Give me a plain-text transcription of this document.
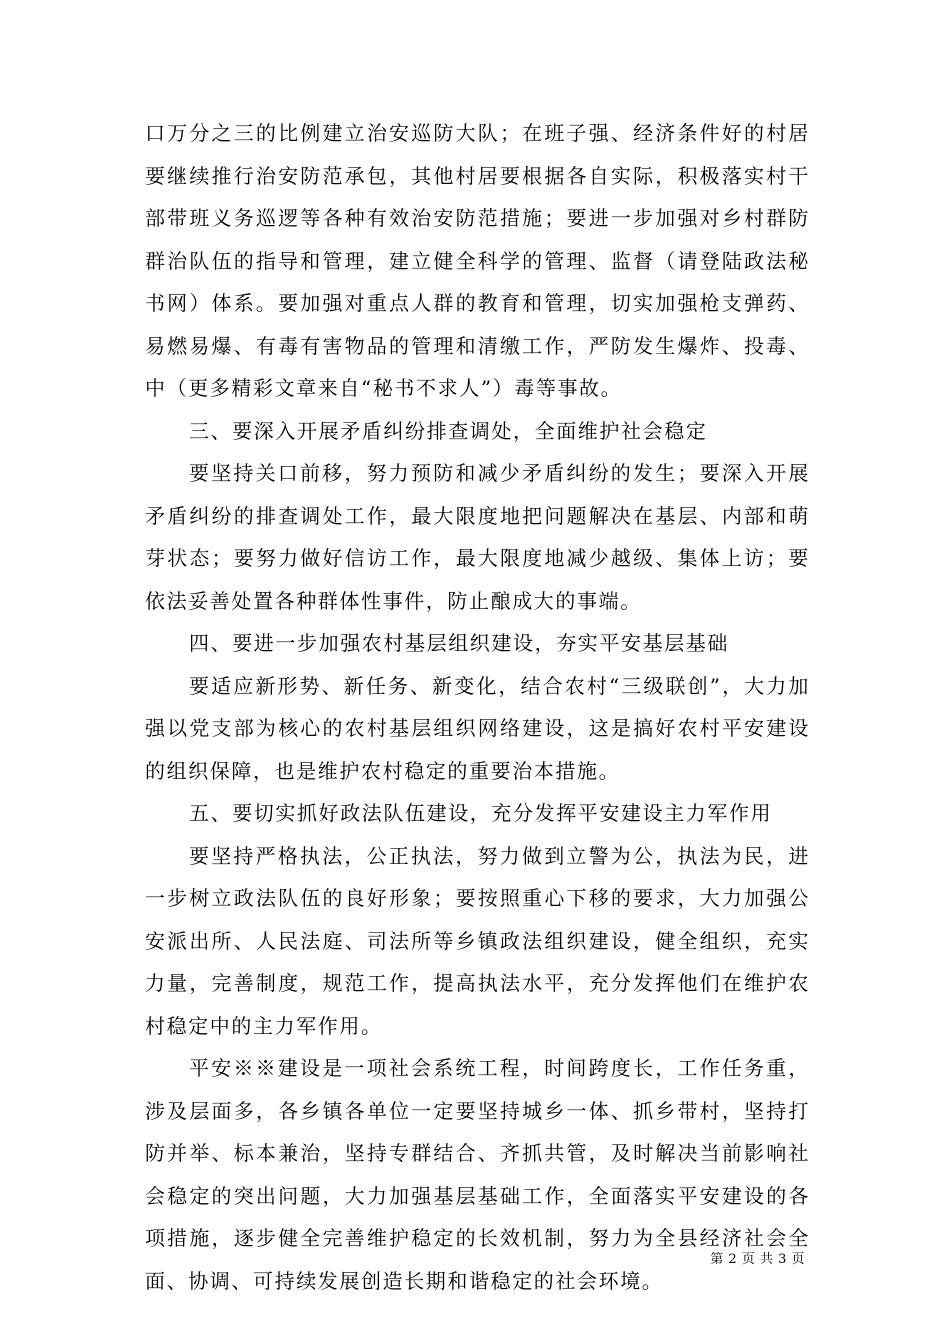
口万分之三的比例建立治安巡防大队；在班子强、经济条件好的村居要继续推行治安防范承包，其他村居要根据各自实际，积极落实村干部带班义务巡逻等各种有效治安防范措施；要进一步加强对乡村群防群治队伍的指导和管理，建立健全科学的管理、监督（请登陆政法秘书网）体系。要加强对重点人群的教育和管理，切实加强枪支弹药、易燃易爆、有毒有害物品的管理和清缴工作，严防发生爆炸、投毒、中（更多精彩文章来自“秘书不求人”）毒等事故。

三、要深入开展矛盾纠纷排查调处，全面维护社会稳定

要坚持关口前移，努力预防和减少矛盾纠纷的发生；要深入开展矛盾纠纷的排查调处工作，最大限度地把问题解决在基层、内部和萌芽状态；要努力做好信访工作，最大限度地减少越级、集体上访；要依法妥善处置各种群体性事件，防止酿成大的事端。

四、要进一步加强农村基层组织建设，夯实平安基层基础

要适应新形势、新任务、新变化，结合农村“三级联创”，大力加强以党支部为核心的农村基层组织网络建设，这是搞好农村平安建设的组织保障，也是维护农村稳定的重要治本措施。

五、要切实抓好政法队伍建设，充分发挥平安建设主力军作用

要坚持严格执法，公正执法，努力做到立警为公，执法为民，进一步树立政法队伍的良好形象；要按照重心下移的要求，大力加强公安派出所、人民法庭、司法所等乡镇政法组织建设，健全组织，充实力量，完善制度，规范工作，提高执法水平，充分发挥他们在维护农村稳定中的主力军作用。

平安※※建设是一项社会系统工程，时间跨度长，工作任务重，涉及层面多，各乡镇各单位一定要坚持城乡一体、抓乡带村，坚持打防并举、标本兼治，坚持专群结合、齐抓共管，及时解决当前影响社会稳定的突出问题，大力加强基层基础工作，全面落实平安建设的各项措施，逐步健全完善维护稳定的长效机制，努力为全县经济社会全面、协调、可持续发展创造长期和谐稳定的社会环境。

第 2 页 共 3 页
